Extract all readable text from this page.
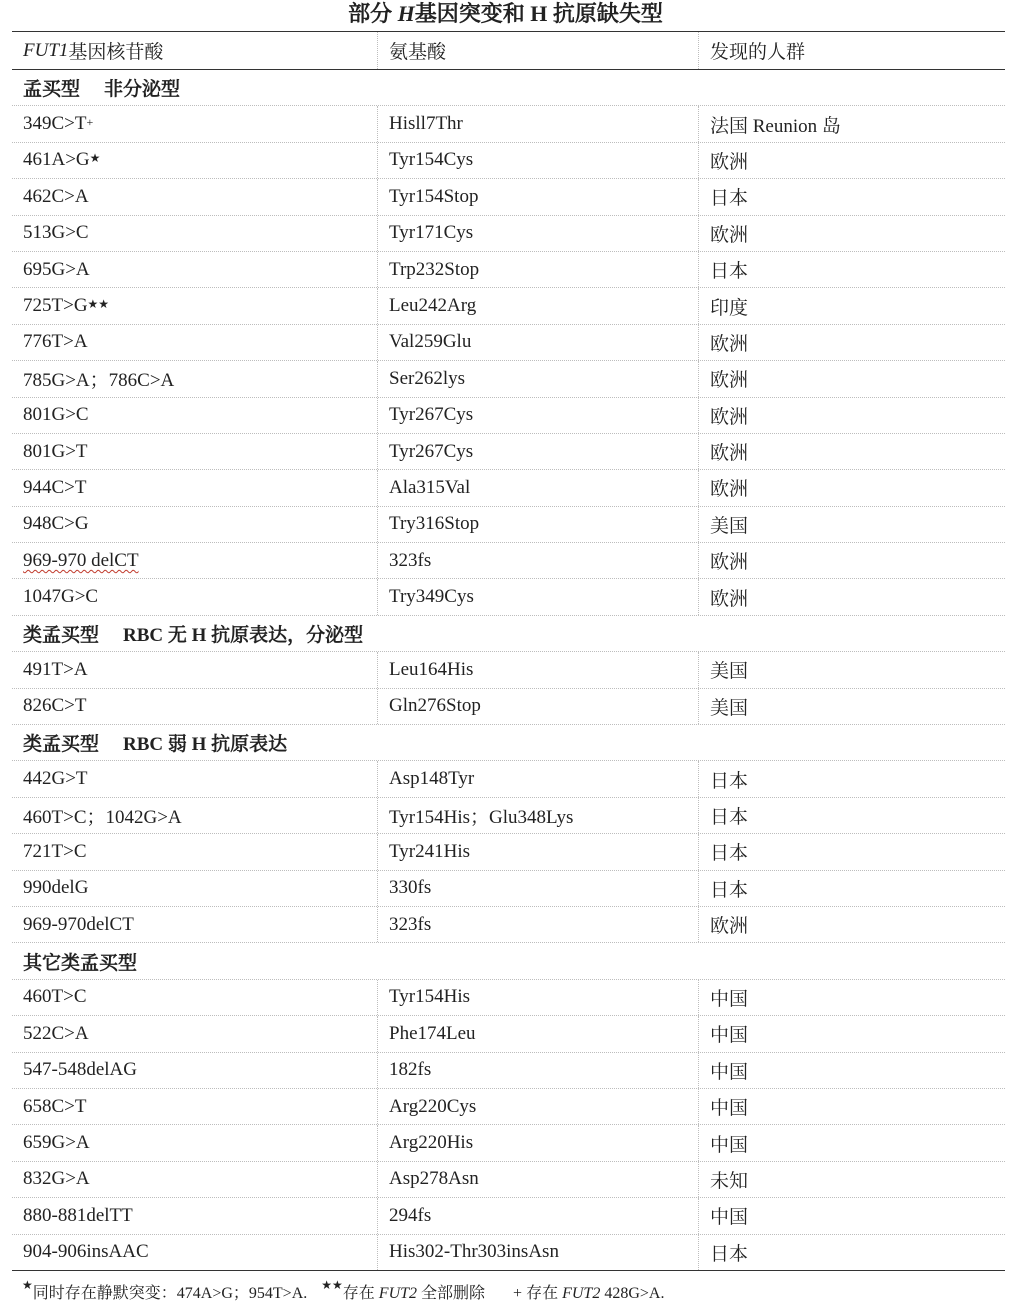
部分 H基因突变和 H 抗原缺失型
FUT1 基因核苷酸	氨基酸	发现的人群
孟买型 非分泌型
349C>T+	Hisll7Thr	法国 Reunion 岛
461A>G★	Tyr154Cys	欧洲
462C>A	Tyr154Stop	日本
513G>C	Tyr171Cys	欧洲
695G>A	Trp232Stop	日本
725T>G★★	Leu242Arg	印度
776T>A	Val259Glu	欧洲
785G>A；786C>A	Ser262lys	欧洲
801G>C	Tyr267Cys	欧洲
801G>T	Tyr267Cys	欧洲
944C>T	Ala315Val	欧洲
948C>G	Try316Stop	美国
969-970 delCT	323fs	欧洲
1047G>C	Try349Cys	欧洲
类孟买型 RBC 无 H 抗原表达，分泌型
491T>A	Leu164His	美国
826C>T	Gln276Stop	美国
类孟买型 RBC 弱 H 抗原表达
442G>T	Asp148Tyr	日本
460T>C；1042G>A	Tyr154His；Glu348Lys	日本
721T>C	Tyr241His	日本
990delG	330fs	日本
969-970delCT	323fs	欧洲
其它类孟买型
460T>C	Tyr154His	中国
522C>A	Phe174Leu	中国
547-548delAG	182fs	中国
658C>T	Arg220Cys	中国
659G>A	Arg220His	中国
832G>A	Asp278Asn	未知
880-881delTT	294fs	中国
904-906insAAC	His302-Thr303insAsn	日本
★同时存在静默突变：474A>G；954T>A. ★★存在 FUT2 全部删除 + 存在 FUT2 428G>A.
